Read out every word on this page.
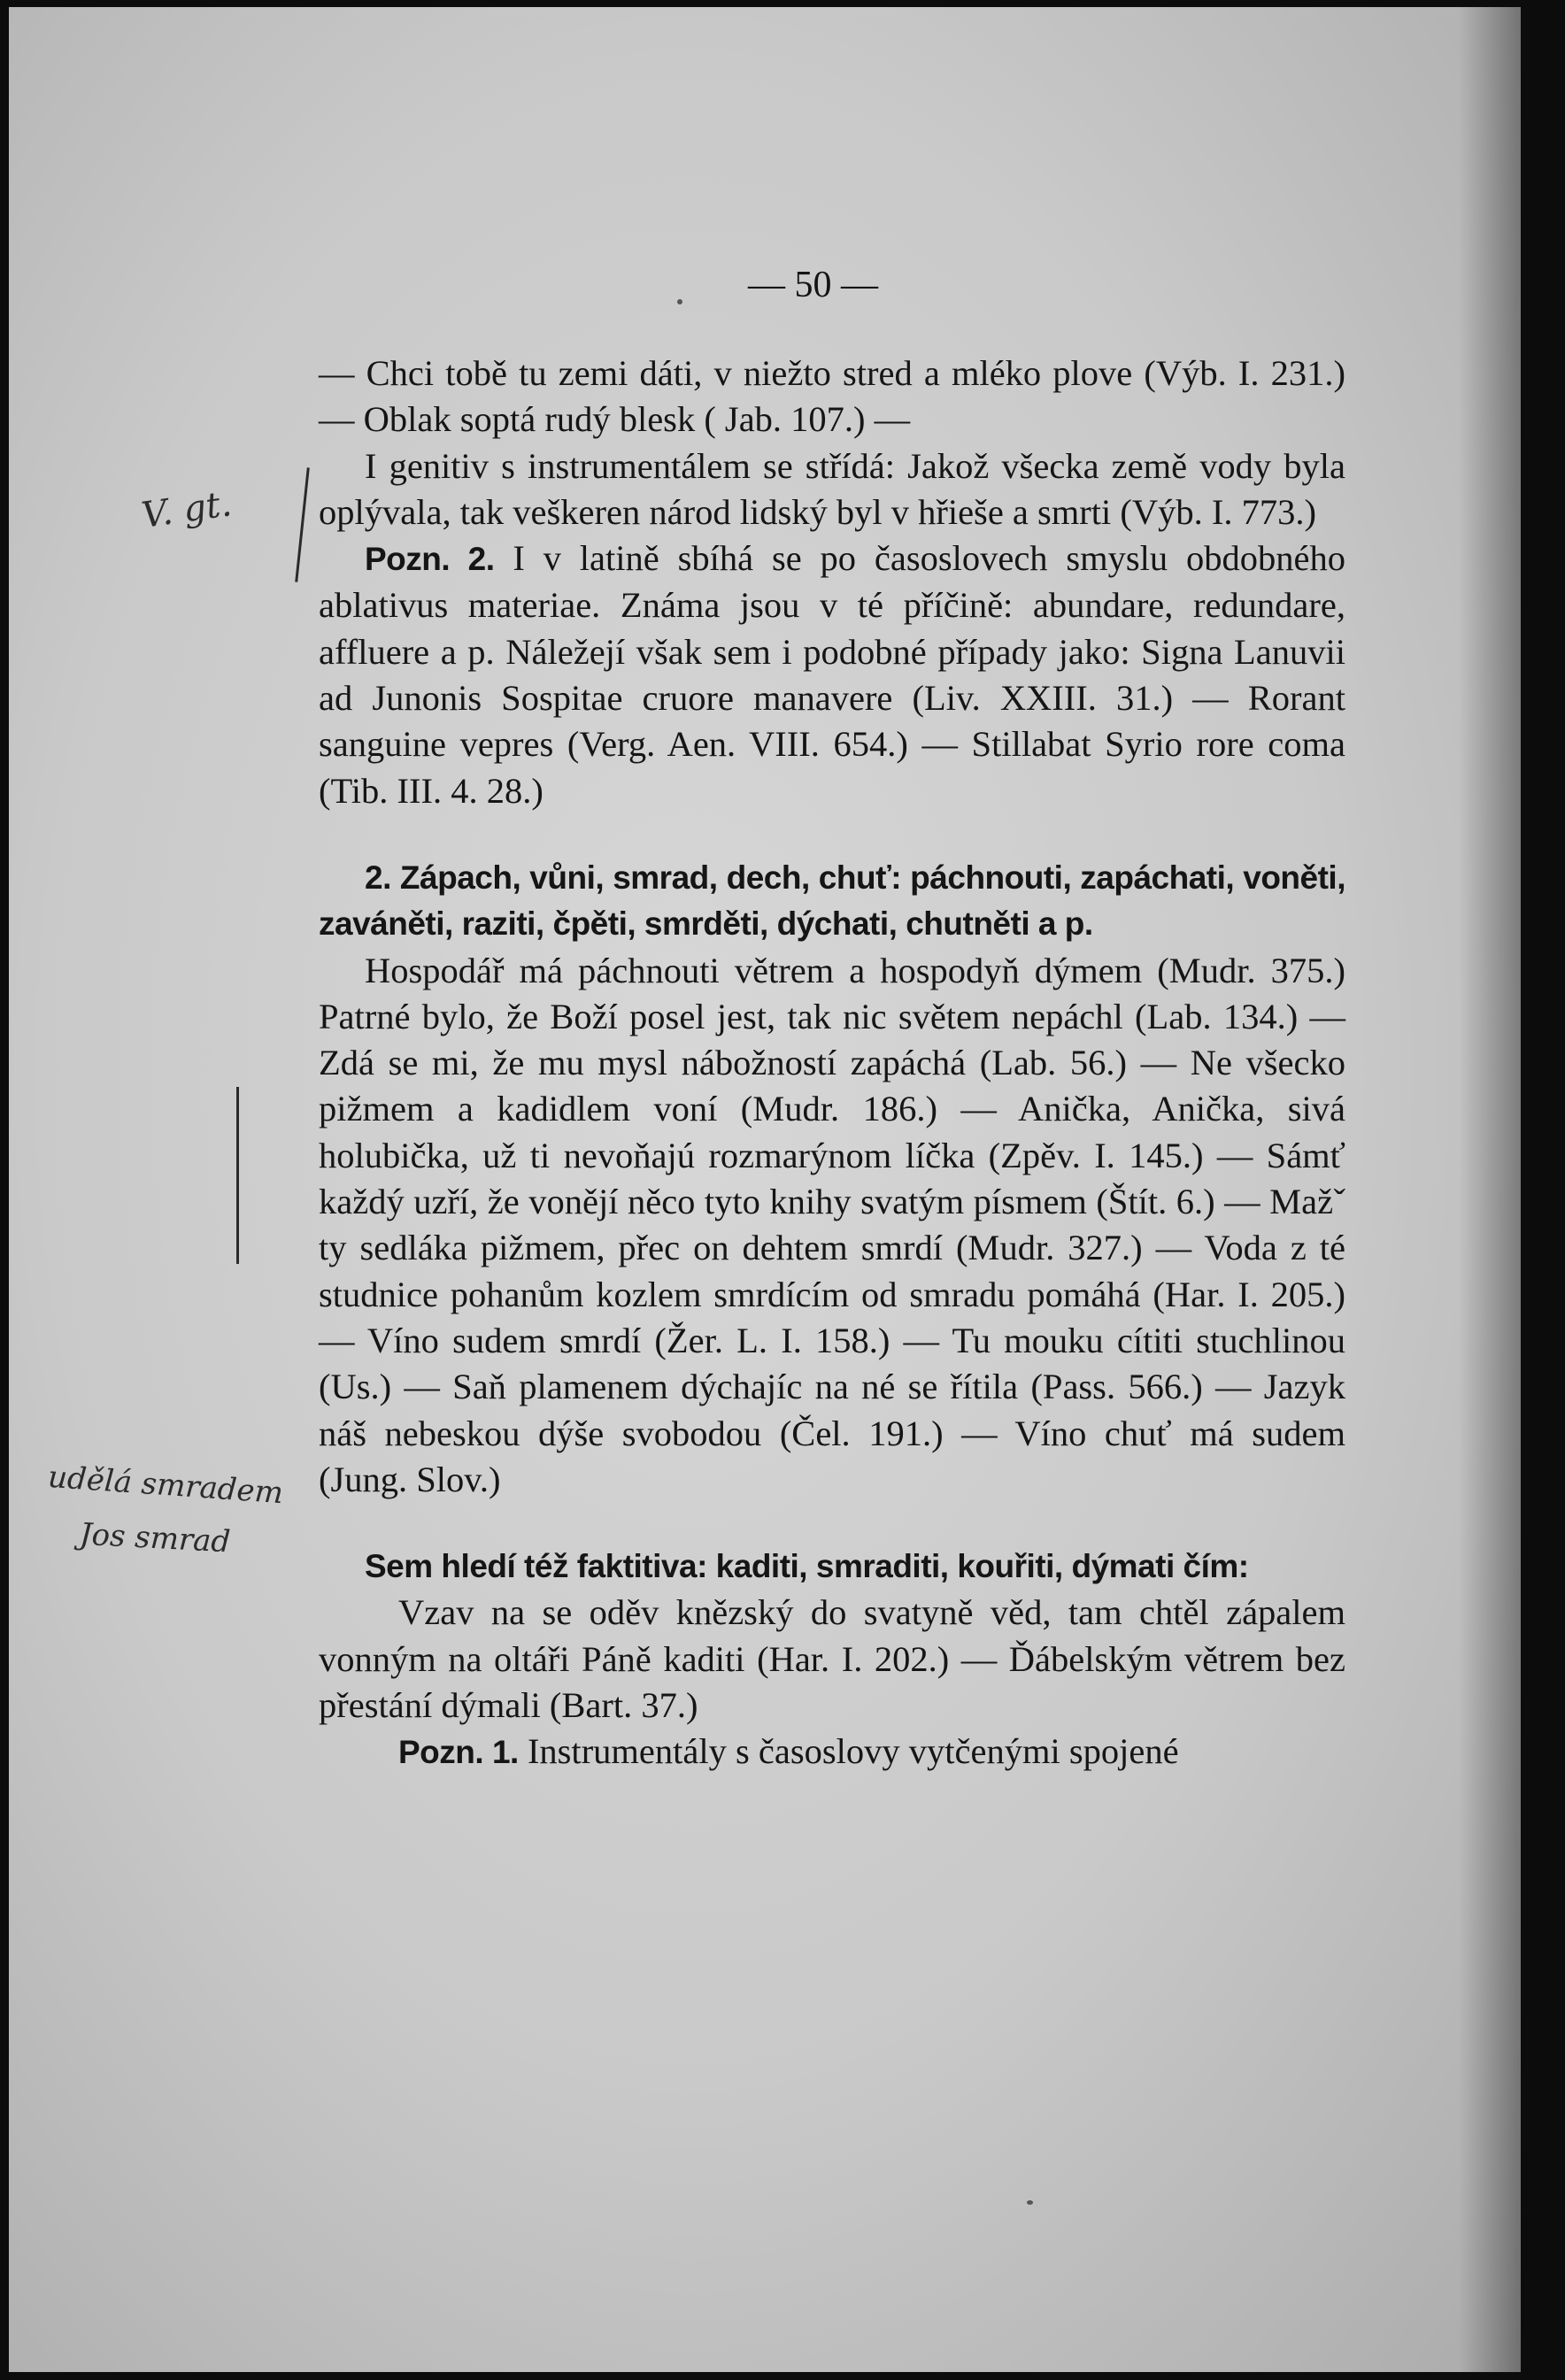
— 50 —
V. gt.
udělá smradem
Jos smrad

— Chci tobě tu zemi dáti, v niežto stred a mléko plove (Výb. I. 231.) — Oblak soptá rudý blesk ( Jab. 107.) —

I genitiv s instrumentálem se střídá: Jakož všecka země vody byla oplývala, tak veškeren národ lidský byl v hřieše a smrti (Výb. I. 773.)

Pozn. 2. I v latině sbíhá se po časoslovech smyslu obdobného ablativus materiae. Známa jsou v té příčině: abundare, redundare, affluere a p. Náležejí však sem i podobné případy jako: Signa Lanuvii ad Junonis Sospitae cruore manavere (Liv. XXIII. 31.) — Rorant sanguine vepres (Verg. Aen. VIII. 654.) — Stillabat Syrio rore coma (Tib. III. 4. 28.)

2. Zápach, vůni, smrad, dech, chuť: páchnouti, zapáchati, voněti, zaváněti, raziti, čpěti, smrděti, dýchati, chutněti a p.

Hospodář má páchnouti větrem a hospodyň dýmem (Mudr. 375.) Patrné bylo, že Boží posel jest, tak nic světem nepáchl (Lab. 134.) — Zdá se mi, že mu mysl nábožností zapáchá (Lab. 56.) — Ne všecko pižmem a kadidlem voní (Mudr. 186.) — Anička, Anička, sivá holubička, už ti nevoňajú rozmarýnom líčka (Zpěv. I. 145.) — Sámť každý uzří, že vonějí něco tyto knihy svatým písmem (Štít. 6.) — Mažˇ ty sedláka pižmem, přec on dehtem smrdí (Mudr. 327.) — Voda z té studnice pohanům kozlem smrdícím od smradu pomáhá (Har. I. 205.) — Víno sudem smrdí (Žer. L. I. 158.) — Tu mouku cítiti stuchlinou (Us.) — Saň plamenem dýchajíc na né se řítila (Pass. 566.) — Jazyk náš nebeskou dýše svobodou (Čel. 191.) — Víno chuť má sudem (Jung. Slov.)

Sem hledí též faktitiva: kaditi, smraditi, kouřiti, dýmati čím:

Vzav na se oděv knězský do svatyně věd, tam chtěl zápalem vonným na oltáři Páně kaditi (Har. I. 202.) — Ďábelským větrem bez přestání dýmali (Bart. 37.)

Pozn. 1. Instrumentály s časoslovy vytčenými spojené
